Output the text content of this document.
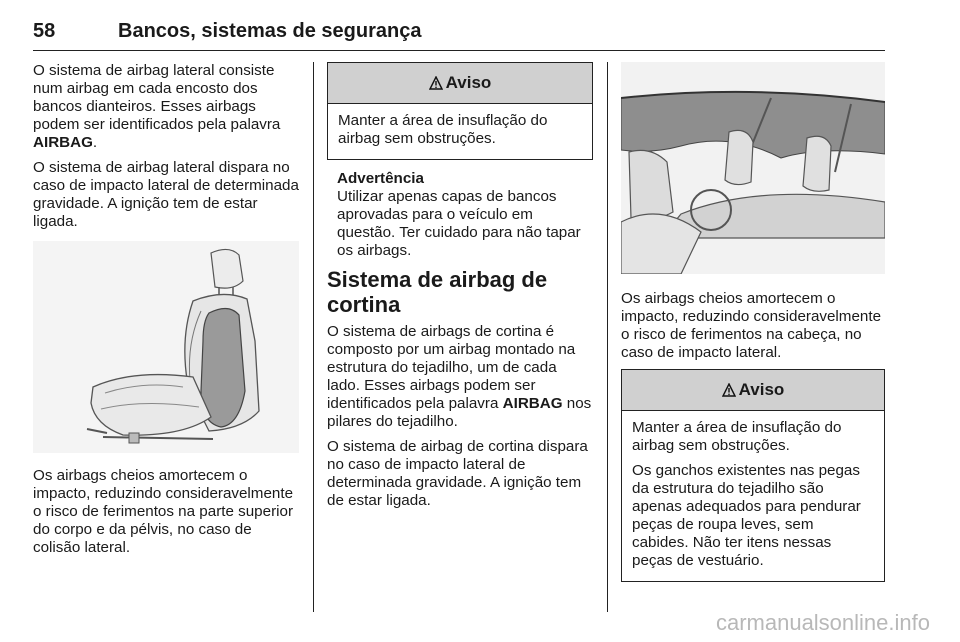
58	Bancos, sistemas de segurança

O sistema de airbag lateral consiste num airbag em cada encosto dos bancos dianteiros. Esses airbags podem ser identificados pela palavra AIRBAG.

O sistema de airbag lateral dispara no caso de impacto lateral de determinada gravidade. A ignição tem de estar ligada.

Os airbags cheios amortecem o impacto, reduzindo consideravelmente o risco de ferimentos na parte superior do corpo e da pélvis, no caso de colisão lateral.

Aviso

Manter a área de insuflação do airbag sem obstruções.

Advertência

Utilizar apenas capas de bancos aprovadas para o veículo em questão. Ter cuidado para não tapar os airbags.

Sistema de airbag de cortina

O sistema de airbags de cortina é composto por um airbag montado na estrutura do tejadilho, um de cada lado. Esses airbags podem ser identificados pela palavra AIRBAG nos pilares do tejadilho.

O sistema de airbag de cortina dispara no caso de impacto lateral de determinada gravidade. A ignição tem de estar ligada.

Os airbags cheios amortecem o impacto, reduzindo consideravelmente o risco de ferimentos na cabeça, no caso de impacto lateral.

Aviso

Manter a área de insuflação do airbag sem obstruções.

Os ganchos existentes nas pegas da estrutura do tejadilho são apenas adequados para pendurar peças de roupa leves, sem cabides. Não ter itens nessas peças de vestuário.

carmanualsonline.info
